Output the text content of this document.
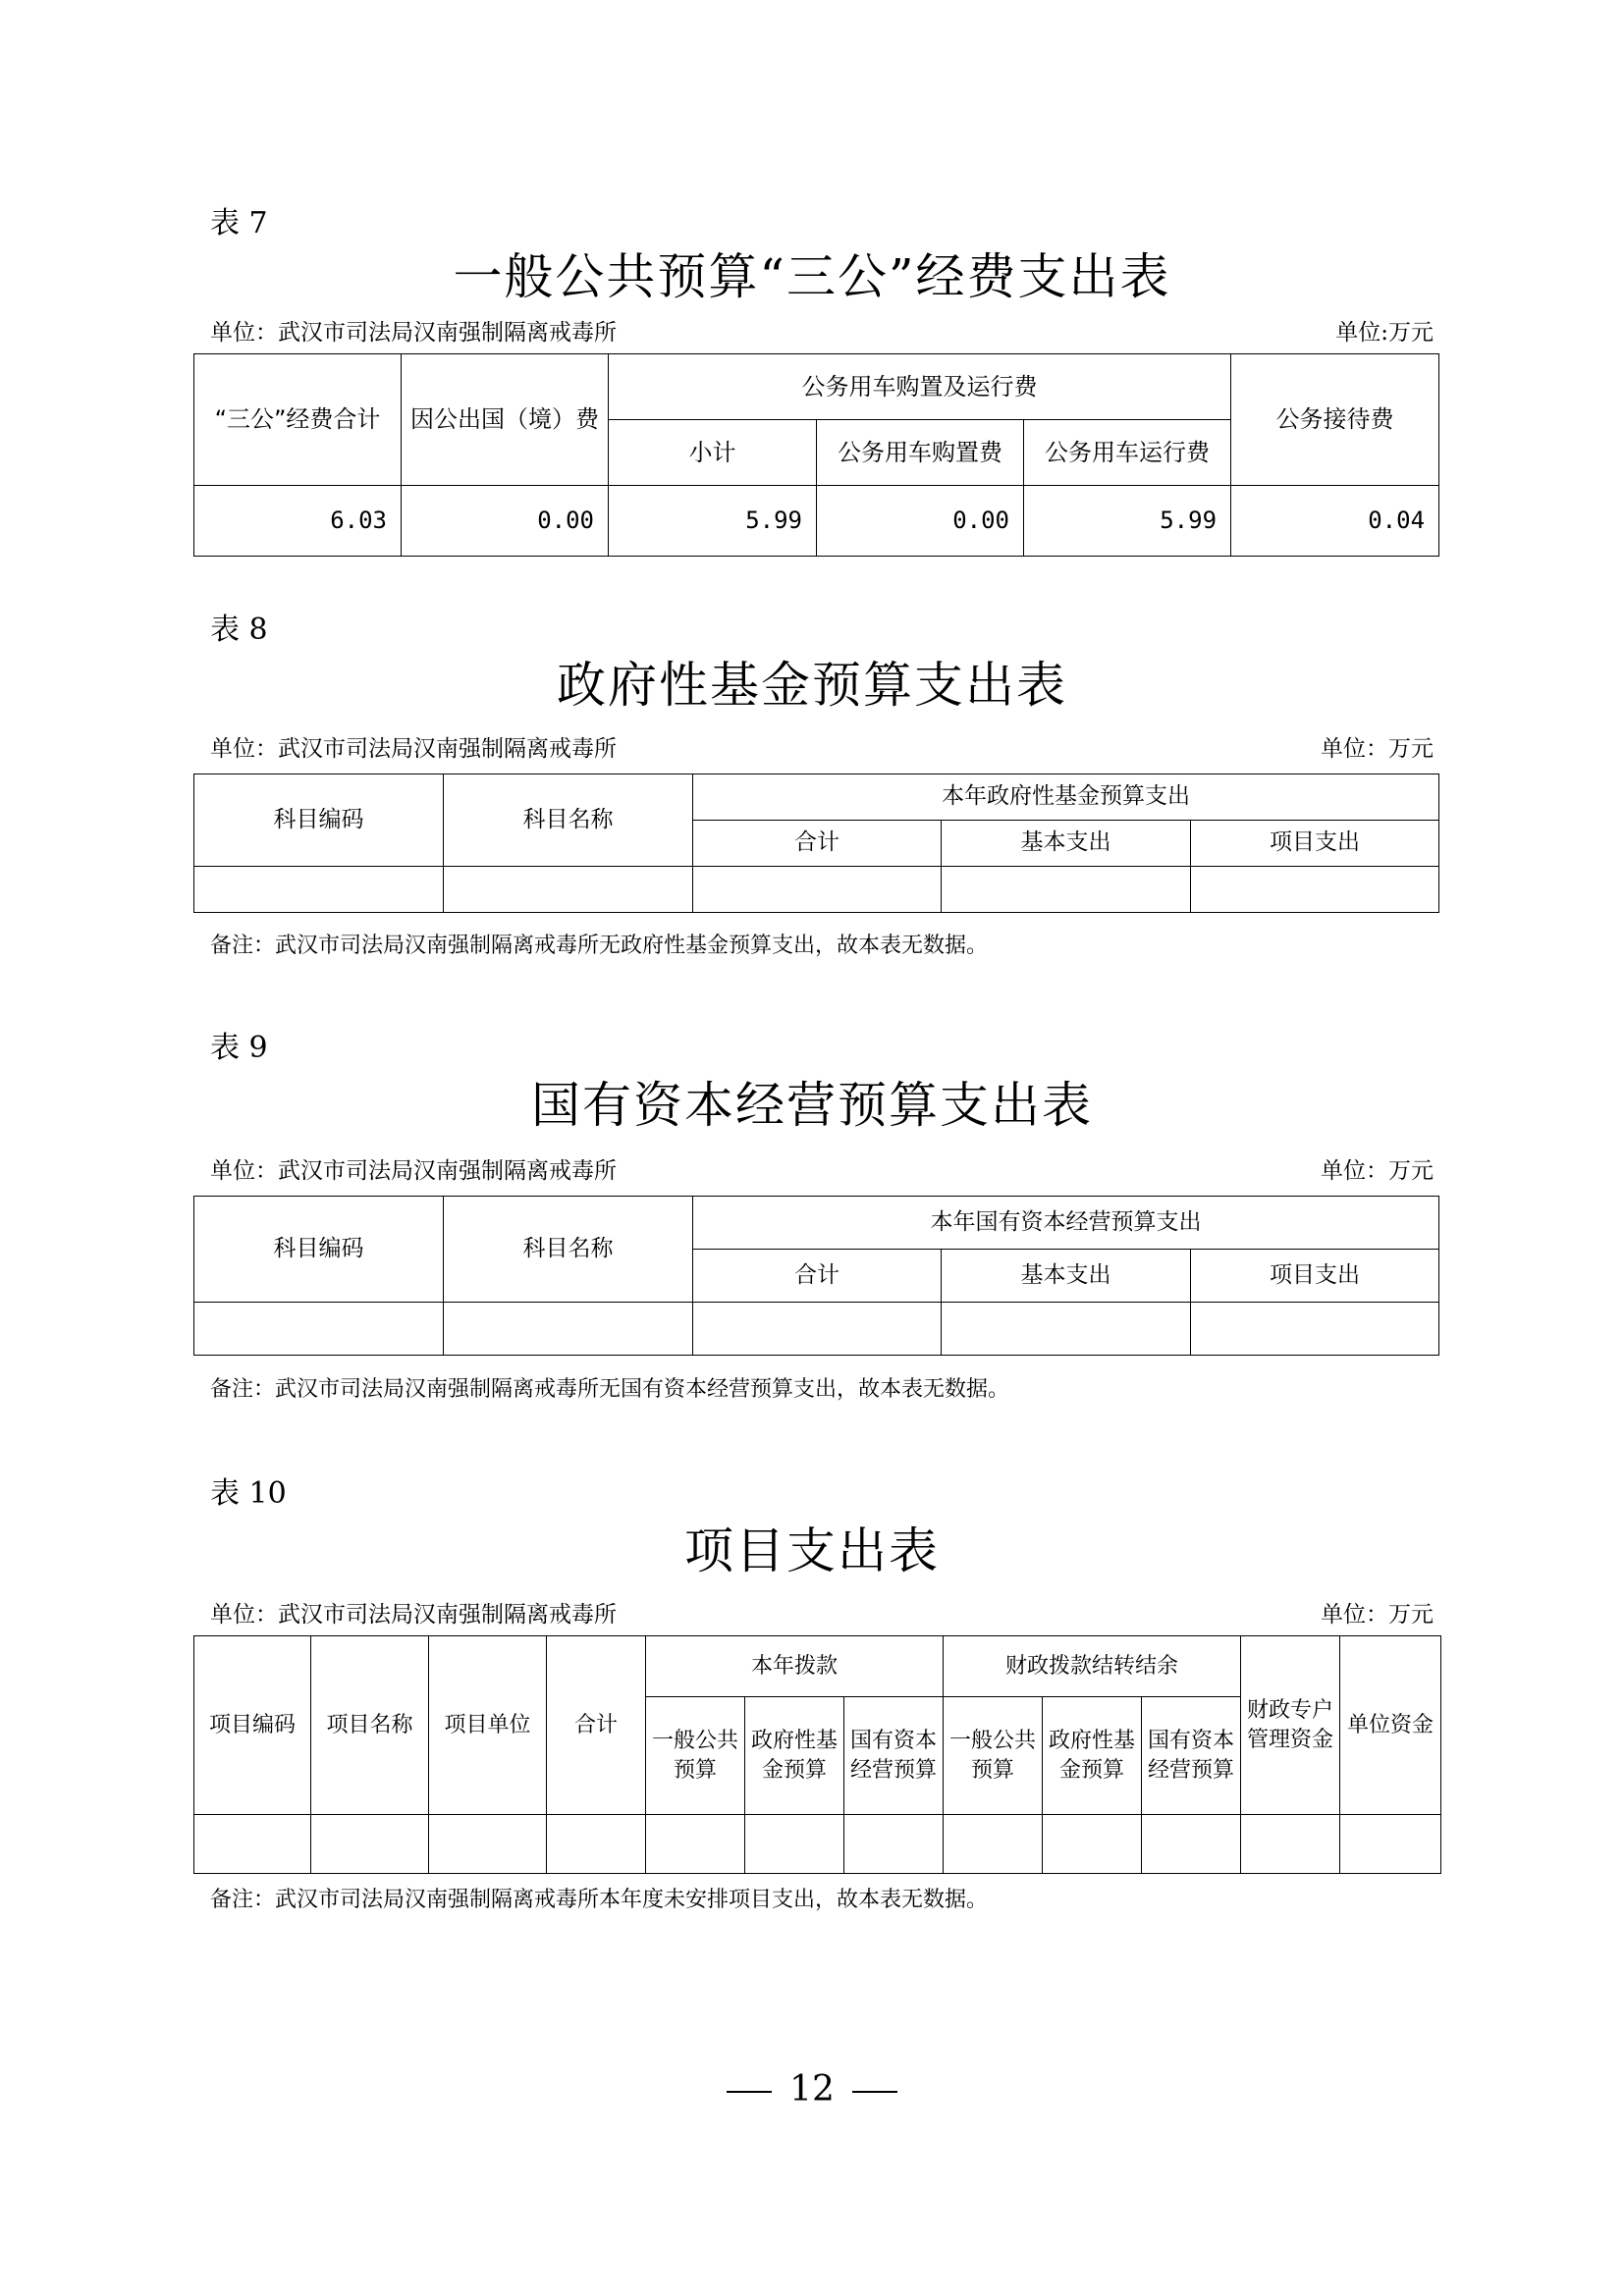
表 7
一般公共预算“三公”经费支出表
单位：武汉市司法局汉南强制隔离戒毒所	单位:万元
“三公”经费合计	因公出国（境）费	公务用车购置及运行费			公务接待费
		小计	公务用车购置费	公务用车运行费	
6.03	0.00	5.99	0.00	5.99	0.04
表 8
政府性基金预算支出表
单位：武汉市司法局汉南强制隔离戒毒所	单位：万元
科目编码	科目名称	本年政府性基金预算支出		
		合计	基本支出	项目支出

备注：武汉市司法局汉南强制隔离戒毒所无政府性基金预算支出，故本表无数据。
表 9
国有资本经营预算支出表
单位：武汉市司法局汉南强制隔离戒毒所	单位：万元
科目编码	科目名称	本年国有资本经营预算支出		
		合计	基本支出	项目支出

备注：武汉市司法局汉南强制隔离戒毒所无国有资本经营预算支出，故本表无数据。
表 10
项目支出表
单位：武汉市司法局汉南强制隔离戒毒所	单位：万元
项目编码	项目名称	项目单位	合计	本年拨款			财政拨款结转结余			财政专户管理资金	单位资金
				一般公共预算	政府性基金预算	国有资本经营预算	一般公共预算	政府性基金预算	国有资本经营预算		

备注：武汉市司法局汉南强制隔离戒毒所本年度未安排项目支出，故本表无数据。
12
